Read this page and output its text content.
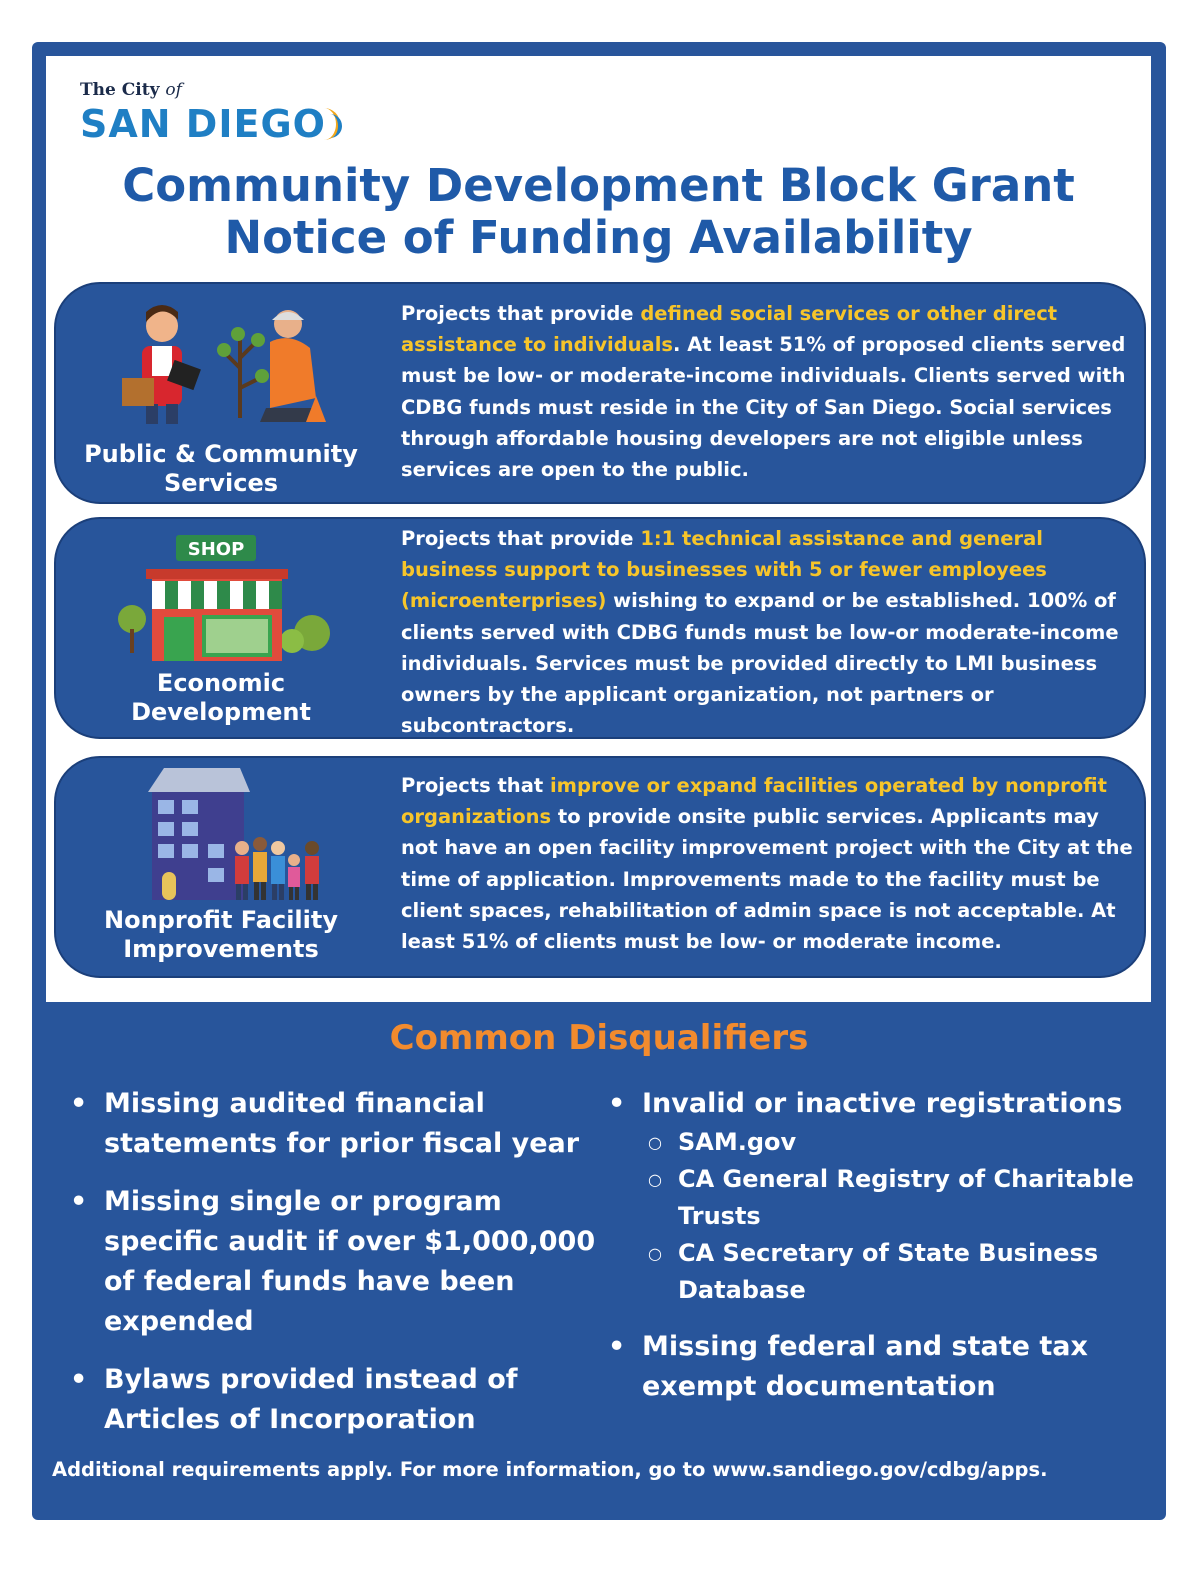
The City of
SAN DIEGO
Community Development Block Grant
Notice of Funding Availability
Public & Community
Services
Projects that provide defined social services or other direct assistance to individuals. At least 51% of proposed clients served must be low- or moderate-income individuals. Clients served with CDBG funds must reside in the City of San Diego. Social services through affordable housing developers are not eligible unless services are open to the public.
SHOP
Economic
Development
Projects that provide 1:1 technical assistance and general business support to businesses with 5 or fewer employees (microenterprises) wishing to expand or be established. 100% of clients served with CDBG funds must be low-or moderate-income individuals. Services must be provided directly to LMI business owners by the applicant organization, not partners or subcontractors.
Nonprofit Facility
Improvements
Projects that improve or expand facilities operated by nonprofit organizations to provide onsite public services. Applicants may not have an open facility improvement project with the City at the time of application. Improvements made to the facility must be client spaces, rehabilitation of admin space is not acceptable. At least 51% of clients must be low- or moderate income.
Common Disqualifiers
• Missing audited financial statements for prior fiscal year
• Missing single or program specific audit if over $1,000,000 of federal funds have been expended
• Bylaws provided instead of Articles of Incorporation
• Invalid or inactive registrations
○ SAM.gov
○ CA General Registry of Charitable Trusts
○ CA Secretary of State Business Database
• Missing federal and state tax exempt documentation
Additional requirements apply. For more information, go to www.sandiego.gov/cdbg/apps.
